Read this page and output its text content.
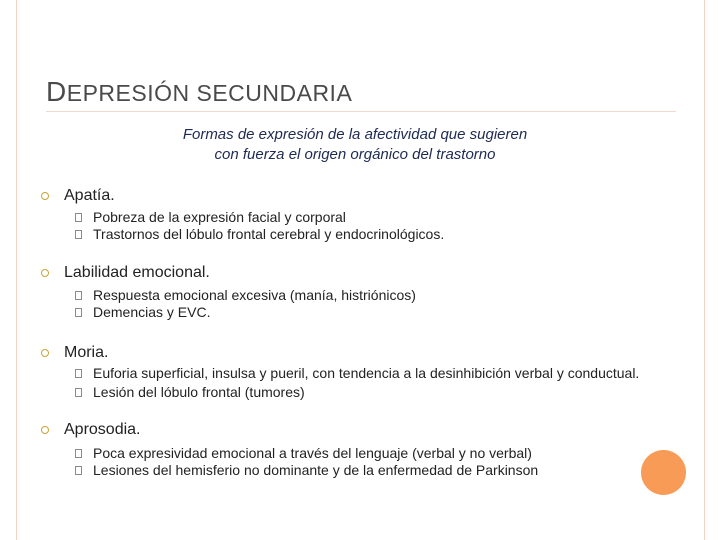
DEPRESIÓN SECUNDARIA
Formas de expresión de la afectividad que sugieren
con fuerza el origen orgánico del trastorno
Apatía.
Pobreza de la expresión facial y corporal
Trastornos del lóbulo frontal cerebral y endocrinológicos.
Labilidad emocional.
Respuesta emocional excesiva (manía, histriónicos)
Demencias y EVC.
Moria.
Euforia superficial, insulsa y pueril, con tendencia a la desinhibición verbal y conductual.
Lesión del lóbulo frontal (tumores)
Aprosodia.
Poca expresividad emocional a través del lenguaje (verbal y no verbal)
Lesiones del hemisferio no dominante y de la enfermedad de Parkinson
